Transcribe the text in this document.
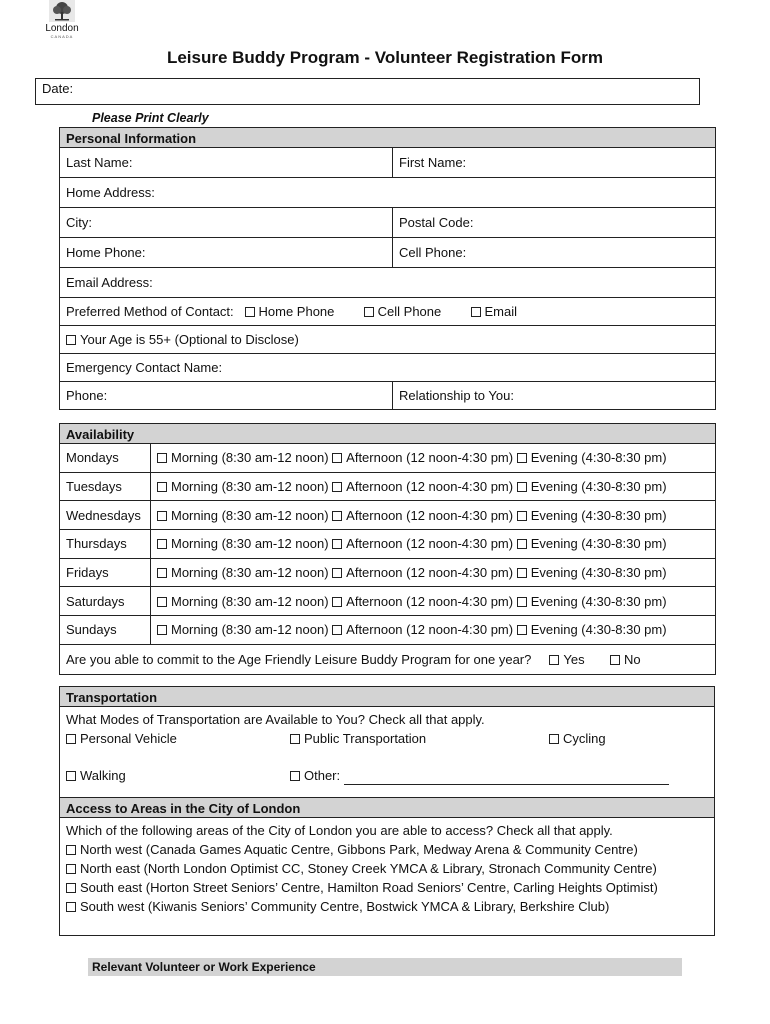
London
CANADA
Leisure Buddy Program - Volunteer Registration Form
Date:
Please Print Clearly
Personal Information	
Last Name:	First Name:
Home Address:	
City:	Postal Code:
Home Phone:	Cell Phone:
Email Address:	
Preferred Method of Contact: Home Phone Cell Phone Email	
Your Age is 55+ (Optional to Disclose)	
Emergency Contact Name:	
Phone:	Relationship to You:
Availability	
Mondays	Morning (8:30 am-12 noon) Afternoon (12 noon-4:30 pm) Evening (4:30-8:30 pm)
Tuesdays	Morning (8:30 am-12 noon) Afternoon (12 noon-4:30 pm) Evening (4:30-8:30 pm)
Wednesdays	Morning (8:30 am-12 noon) Afternoon (12 noon-4:30 pm) Evening (4:30-8:30 pm)
Thursdays	Morning (8:30 am-12 noon) Afternoon (12 noon-4:30 pm) Evening (4:30-8:30 pm)
Fridays	Morning (8:30 am-12 noon) Afternoon (12 noon-4:30 pm) Evening (4:30-8:30 pm)
Saturdays	Morning (8:30 am-12 noon) Afternoon (12 noon-4:30 pm) Evening (4:30-8:30 pm)
Sundays	Morning (8:30 am-12 noon) Afternoon (12 noon-4:30 pm) Evening (4:30-8:30 pm)
Are you able to commit to the Age Friendly Leisure Buddy Program for one year? Yes No	
Transportation

What Modes of Transportation are Available to You? Check all that apply.
Personal Vehicle	Public Transportation	Cycling
Walking	Other:
Access to Areas in the City of London

Which of the following areas of the City of London you are able to access? Check all that apply.
North west (Canada Games Aquatic Centre, Gibbons Park, Medway Arena & Community Centre)
North east (North London Optimist CC, Stoney Creek YMCA & Library, Stronach Community Centre)
South east (Horton Street Seniors’ Centre, Hamilton Road Seniors’ Centre, Carling Heights Optimist)
South west (Kiwanis Seniors’ Community Centre, Bostwick YMCA & Library, Berkshire Club)
Relevant Volunteer or Work Experience
